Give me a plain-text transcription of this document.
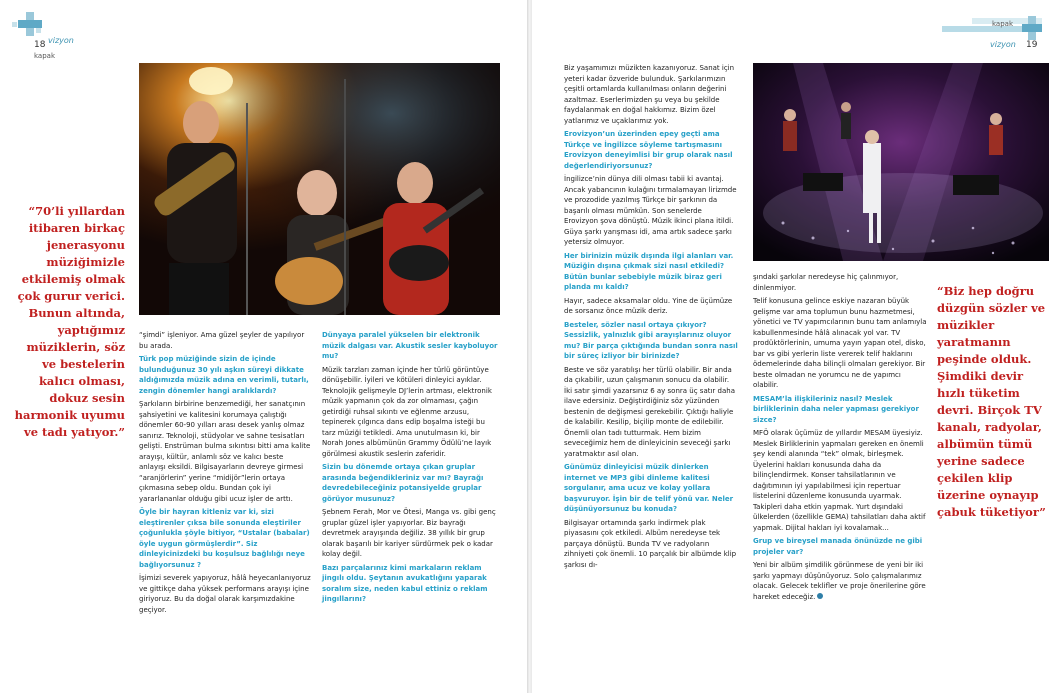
18 vizyon
kapak
“70’li yıllardan itibaren birkaç jenerasyonu müziğimizle etkilemiş olmak çok gurur verici. Bunun altında, yaptığımız müziklerin, söz ve bestelerin kalıcı olması, dokuz sesin harmonik uyumu ve tadı yatıyor.”

“şimdi” işleniyor. Ama güzel şeyler de yapılıyor bu arada.

Türk pop müziğinde sizin de içinde bulunduğunuz 30 yılı aşkın süreyi dikkate aldığımızda müzik adına en verimli, tutarlı, zengin dönemler hangi aralıklardı?

Şarkıların birbirine benzemediği, her sanatçının şahsiyetini ve kalitesini korumaya çalıştığı dönemler 60-90 yılları arası desek yanlış olmaz sanırız. Teknoloji, stüdyolar ve sahne tesisatları gelişti. Enstrüman bulma sıkıntısı bitti ama kalite arayışı, kültür, anlamlı söz ve kalıcı beste anlayışı eksildi. Bilgisayarların devreye girmesi “aranjörlerin” yerine “midijör”lerin ortaya çıkmasına sebep oldu. Bundan çok iyi yararlananlar olduğu gibi ucuz işler de arttı.

Öyle bir hayran kitleniz var ki, sizi eleştirenler çıksa bile sonunda eleştiriler çoğunlukla şöyle bitiyor, “Ustalar (babalar) öyle uygun görmüşlerdir”. Siz dinleyicinizdeki bu koşulsuz bağlılığı neye bağlıyorsunuz ?

İşimizi severek yapıyoruz, hâlâ heyecanlanıyoruz ve gittikçe daha yüksek performans arayışı içine giriyoruz. Bu da doğal olarak karşımızdakine geçiyor.

Dünyaya paralel yükselen bir elektronik müzik dalgası var. Akustik sesler kayboluyor mu?

Müzik tarzları zaman içinde her türlü görüntüye dönüşebilir. İyileri ve kötüleri dinleyici ayıklar. Teknolojik gelişmeyle DJ’lerin artması, elektronik müzik yapmanın çok da zor olmaması, çağın getirdiği ruhsal sıkıntı ve eğlenme arzusu, tepinerek çılgınca dans edip boşalma isteği bu tarz müziği tetikledi. Ama unutulmasın ki, bir Norah Jones albümünün Grammy Ödülü’ne layık görülmesi akustik seslerin zaferidir.

Sizin bu dönemde ortaya çıkan gruplar arasında beğendikleriniz var mı? Bayrağı devredebileceğiniz potansiyelde gruplar görüyor musunuz?

Şebnem Ferah, Mor ve Ötesi, Manga vs. gibi genç gruplar güzel işler yapıyorlar. Biz bayrağı devretmek arayışında değiliz. 38 yıllık bir grup olarak başarılı bir kariyer sürdürmek pek o kadar kolay değil.

Bazı parçalarınız kimi markaların reklam jingılı oldu. Şeytanın avukatlığını yaparak soralım size, neden kabul ettiniz o reklam jingıllarını?

kapak
vizyon 19

Biz yaşamımızı müzikten kazanıyoruz. Sanat için yeteri kadar özveride bulunduk. Şarkılarımızın çeşitli ortamlarda kullanılması onların değerini azaltmaz. Eserlerimizden şu veya bu şekilde faydalanmak en doğal hakkımız. Bizim özel yatlarımız ve uçaklarımız yok.

Erovizyon’un üzerinden epey geçti ama Türkçe ve İngilizce söyleme tartışmasını Erovizyon deneyimlisi bir grup olarak nasıl değerlendiriyorsunuz?

İngilizce’nin dünya dili olması tabii ki avantaj. Ancak yabancının kulağını tırmalamayan lirizmde ve prozodide yazılmış Türkçe bir şarkının da başarılı olması mümkün. Son senelerde Erovizyon şova dönüştü. Müzik ikinci plana itildi. Güya şarkı yarışması idi, ama artık sadece şarkı yetersiz olmuyor.

Her birinizin müzik dışında ilgi alanları var. Müziğin dışına çıkmak sizi nasıl etkiledi? Bütün bunlar sebebiyle müzik biraz geri planda mı kaldı?

Hayır, sadece aksamalar oldu. Yine de üçümüze de sorsanız önce müzik deriz.

Besteler, sözler nasıl ortaya çıkıyor? Sessizlik, yalnızlık gibi arayışlarınız oluyor mu? Bir parça çıktığında bundan sonra nasıl bir süreç izliyor bir birinizde?

Beste ve söz yaratılışı her türlü olabilir. Bir anda da çıkabilir, uzun çalışmanın sonucu da olabilir. İki satır şimdi yazarsınız 6 ay sonra üç satır daha ilave edersiniz. Değiştirdiğiniz söz yüzünden bestenin de değişmesi gerekebilir. Çıktığı haliyle de kalabilir. Kesilip, biçilip monte de edilebilir. Önemli olan tadı tutturmak. Hem bizim seveceğimiz hem de dinleyicinin seveceği şarkı yaratmaktır asıl olan.

Günümüz dinleyicisi müzik dinlerken internet ve MP3 gibi dinleme kalitesi sorgulanır, ama ucuz ve kolay yollara başvuruyor. İşin bir de telif yönü var. Neler düşünüyorsunuz bu konuda?

Bilgisayar ortamında şarkı indirmek plak piyasasını çok etkiledi. Albüm neredeyse tek parçaya dönüştü. Bunda TV ve radyoların zihniyeti çok önemli. 10 parçalık bir albümde klip şarkısı dı-

şındaki şarkılar neredeyse hiç çalınmıyor, dinlenmiyor.

Telif konusuna gelince eskiye nazaran büyük gelişme var ama toplumun bunu hazmetmesi, yönetici ve TV yapımcılarının bunu tam anlamıyla kabullenmesinde hâlâ alınacak yol var. TV prodüktörlerinin, umuma yayın yapan otel, disko, bar vs gibi yerlerin liste vererek telif haklarını ödemelerinde daha bilinçli olmaları gerekiyor. Bir beste olmadan ne yorumcu ne de yapımcı olabilir.

MESAM’la ilişkileriniz nasıl? Meslek birliklerinin daha neler yapması gerekiyor sizce?

MFÖ olarak üçümüz de yıllardır MESAM üyesiyiz. Meslek Birliklerinin yapmaları gereken en önemli şey kendi alanında “tek” olmak, birleşmek. Üyelerini hakları konusunda daha da bilinçlendirmek. Konser tahsilatlarının ve dağıtımının iyi yapılabilmesi için repertuar listelerini düzenleme konusunda uyarmak. Takipleri daha etkin yapmak. Yurt dışındaki ülkelerden (özellikle GEMA) tahsilatları daha aktif yapmak. Dijital hakları iyi kovalamak...

Grup ve bireysel manada önünüzde ne gibi projeler var?

Yeni bir albüm şimdilik görünmese de yeni bir iki şarkı yapmayı düşünüyoruz. Solo çalışmalarımız olacak. Gelecek teklifler ve proje önerilerine göre hareket edeceğiz.

“Biz hep doğru düzgün sözler ve müzikler yaratmanın peşinde olduk. Şimdiki devir hızlı tüketim devri. Birçok TV kanalı, radyolar, albümün tümü yerine sadece çekilen klip üzerine oynayıp çabuk tüketiyor”
